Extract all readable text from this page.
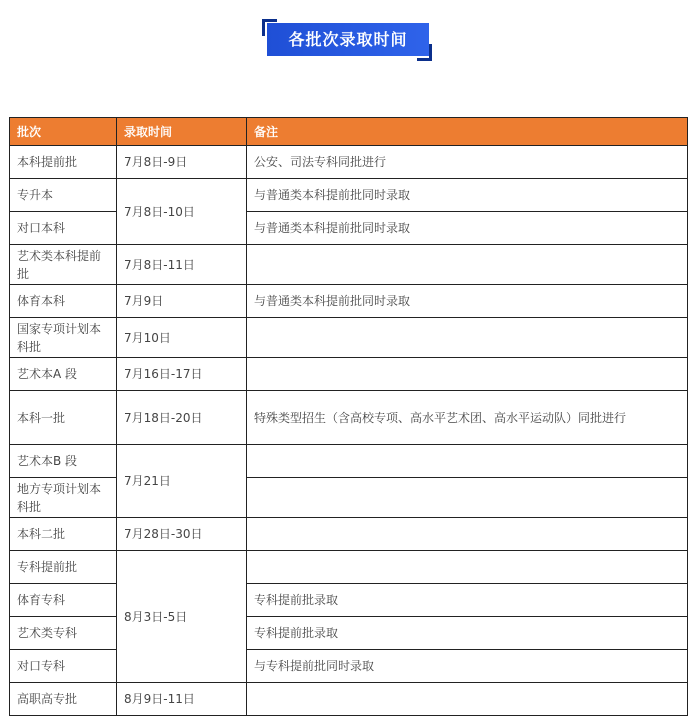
各批次录取时间
批次	录取时间	备注
本科提前批	7月8日-9日	公安、司法专科同批进行
专升本	7月8日-10日	与普通类本科提前批同时录取
对口本科		与普通类本科提前批同时录取
艺术类本科提前批	7月8日-11日	
体育本科	7月9日	与普通类本科提前批同时录取
国家专项计划本科批	7月10日	
艺术本A 段	7月16日-17日	
本科一批	7月18日-20日	特殊类型招生（含高校专项、高水平艺术团、高水平运动队）同批进行
艺术本B 段	7月21日	
地方专项计划本科批		
本科二批	7月28日-30日	
专科提前批	8月3日-5日	
体育专科		专科提前批录取
艺术类专科		专科提前批录取
对口专科		与专科提前批同时录取
高职高专批	8月9日-11日	
